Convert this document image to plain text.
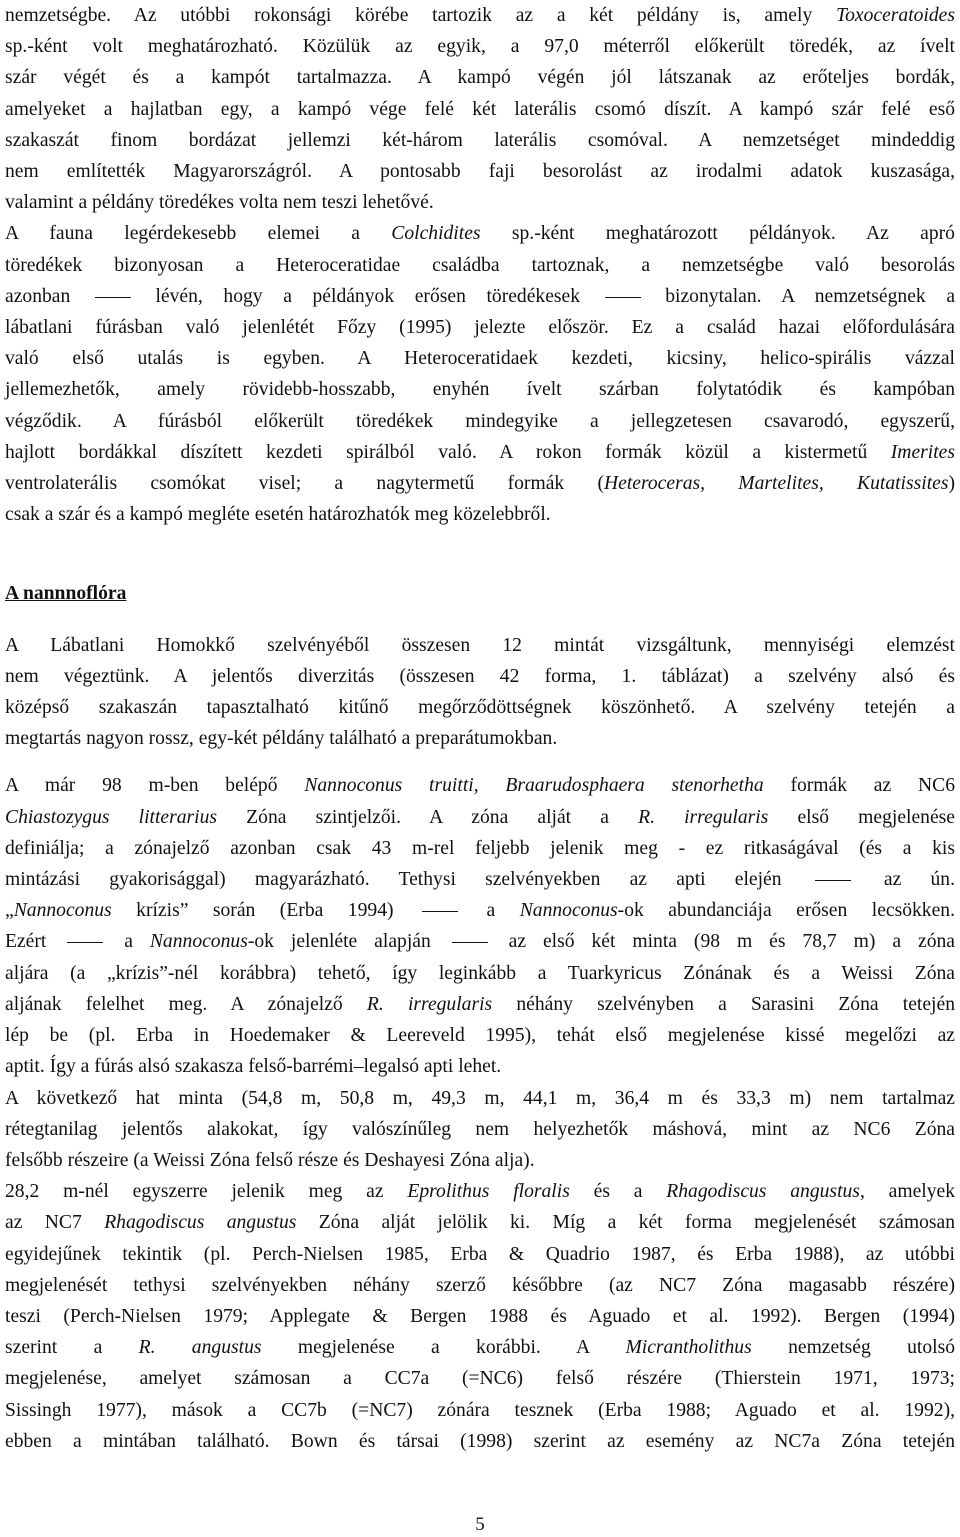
nemzetségbe. Az utóbbi rokonsági körébe tartozik az a két példány is, amely Toxoceratoides

sp.-ként volt meghatározható. Közülük az egyik, a 97,0 méterről előkerült töredék, az ívelt

szár végét és a kampót tartalmazza. A kampó végén jól látszanak az erőteljes bordák,

amelyeket a hajlatban egy, a kampó vége felé két laterális csomó díszít. A kampó szár felé eső

szakaszát finom bordázat jellemzi két-három laterális csomóval. A nemzetséget mindeddig

nem említették Magyarországról. A pontosabb faji besorolást az irodalmi adatok kuszasága,

valamint a példány töredékes volta nem teszi lehetővé.

A fauna legérdekesebb elemei a Colchidites sp.-ként meghatározott példányok. Az apró

töredékek bizonyosan a Heteroceratidae családba tartoznak, a nemzetségbe való besorolás

azonban  lévén, hogy a példányok erősen töredékesek  bizonytalan. A nemzetségnek a

lábatlani fúrásban való jelenlétét Főzy (1995) jelezte először. Ez a család hazai előfordulására

való első utalás is egyben. A Heteroceratidaek kezdeti, kicsiny, helico-spirális vázzal

jellemezhetők, amely rövidebb-hosszabb, enyhén ívelt szárban folytatódik és kampóban

végződik. A fúrásból előkerült töredékek mindegyike a jellegzetesen csavarodó, egyszerű,

hajlott bordákkal díszített kezdeti spirálból való. A rokon formák közül a kistermetű Imerites

ventrolaterális csomókat visel; a nagytermetű formák (Heteroceras, Martelites, Kutatissites)

csak a szár és a kampó megléte esetén határozhatók meg közelebbről.

A nannnoflóra

A Lábatlani Homokkő szelvényéből összesen 12 mintát vizsgáltunk, mennyiségi elemzést

nem végeztünk. A jelentős diverzitás (összesen 42 forma, 1. táblázat) a szelvény alsó és

középső szakaszán tapasztalható kitűnő megőrződöttségnek köszönhető. A szelvény tetején a

megtartás nagyon rossz, egy-két példány található a preparátumokban.

A már 98 m-ben belépő Nannoconus truitti, Braarudosphaera stenorhetha formák az NC6

Chiastozygus litterarius Zóna szintjelzői. A zóna alját a R. irregularis első megjelenése

definiálja; a zónajelző azonban csak 43 m-rel feljebb jelenik meg - ez ritkaságával (és a kis

mintázási gyakorisággal) magyarázható. Tethysi szelvényekben az apti elején  az ún.

„Nannoconus krízis” során (Erba 1994)  a Nannoconus-ok abundanciája erősen lecsökken.

Ezért  a Nannoconus-ok jelenléte alapján  az első két minta (98 m és 78,7 m) a zóna

aljára (a „krízis”-nél korábbra) tehető, így leginkább a Tuarkyricus Zónának és a Weissi Zóna

aljának felelhet meg. A zónajelző R. irregularis néhány szelvényben a Sarasini Zóna tetején

lép be (pl. Erba in Hoedemaker & Leereveld 1995), tehát első megjelenése kissé megelőzi az

aptit. Így a fúrás alsó szakasza felső-barrémi–legalsó apti lehet.

A következő hat minta (54,8 m, 50,8 m, 49,3 m, 44,1 m, 36,4 m és 33,3 m) nem tartalmaz

rétegtanilag jelentős alakokat, így valószínűleg nem helyezhetők máshová, mint az NC6 Zóna

felsőbb részeire (a Weissi Zóna felső része és Deshayesi Zóna alja).

28,2 m-nél egyszerre jelenik meg az Eprolithus floralis és a Rhagodiscus angustus, amelyek

az NC7 Rhagodiscus angustus Zóna alját jelölik ki. Míg a két forma megjelenését számosan

egyidejűnek tekintik (pl. Perch-Nielsen 1985, Erba & Quadrio 1987, és Erba 1988), az utóbbi

megjelenését tethysi szelvényekben néhány szerző későbbre (az NC7 Zóna magasabb részére)

teszi (Perch-Nielsen 1979; Applegate & Bergen 1988 és Aguado et al. 1992). Bergen (1994)

szerint a R. angustus megjelenése a korábbi. A Micrantholithus nemzetség utolsó

megjelenése, amelyet számosan a CC7a (=NC6) felső részére (Thierstein 1971, 1973;

Sissingh 1977), mások a CC7b (=NC7) zónára tesznek (Erba 1988; Aguado et al. 1992),

ebben a mintában található. Bown és társai (1998) szerint az esemény az NC7a Zóna tetején

5
